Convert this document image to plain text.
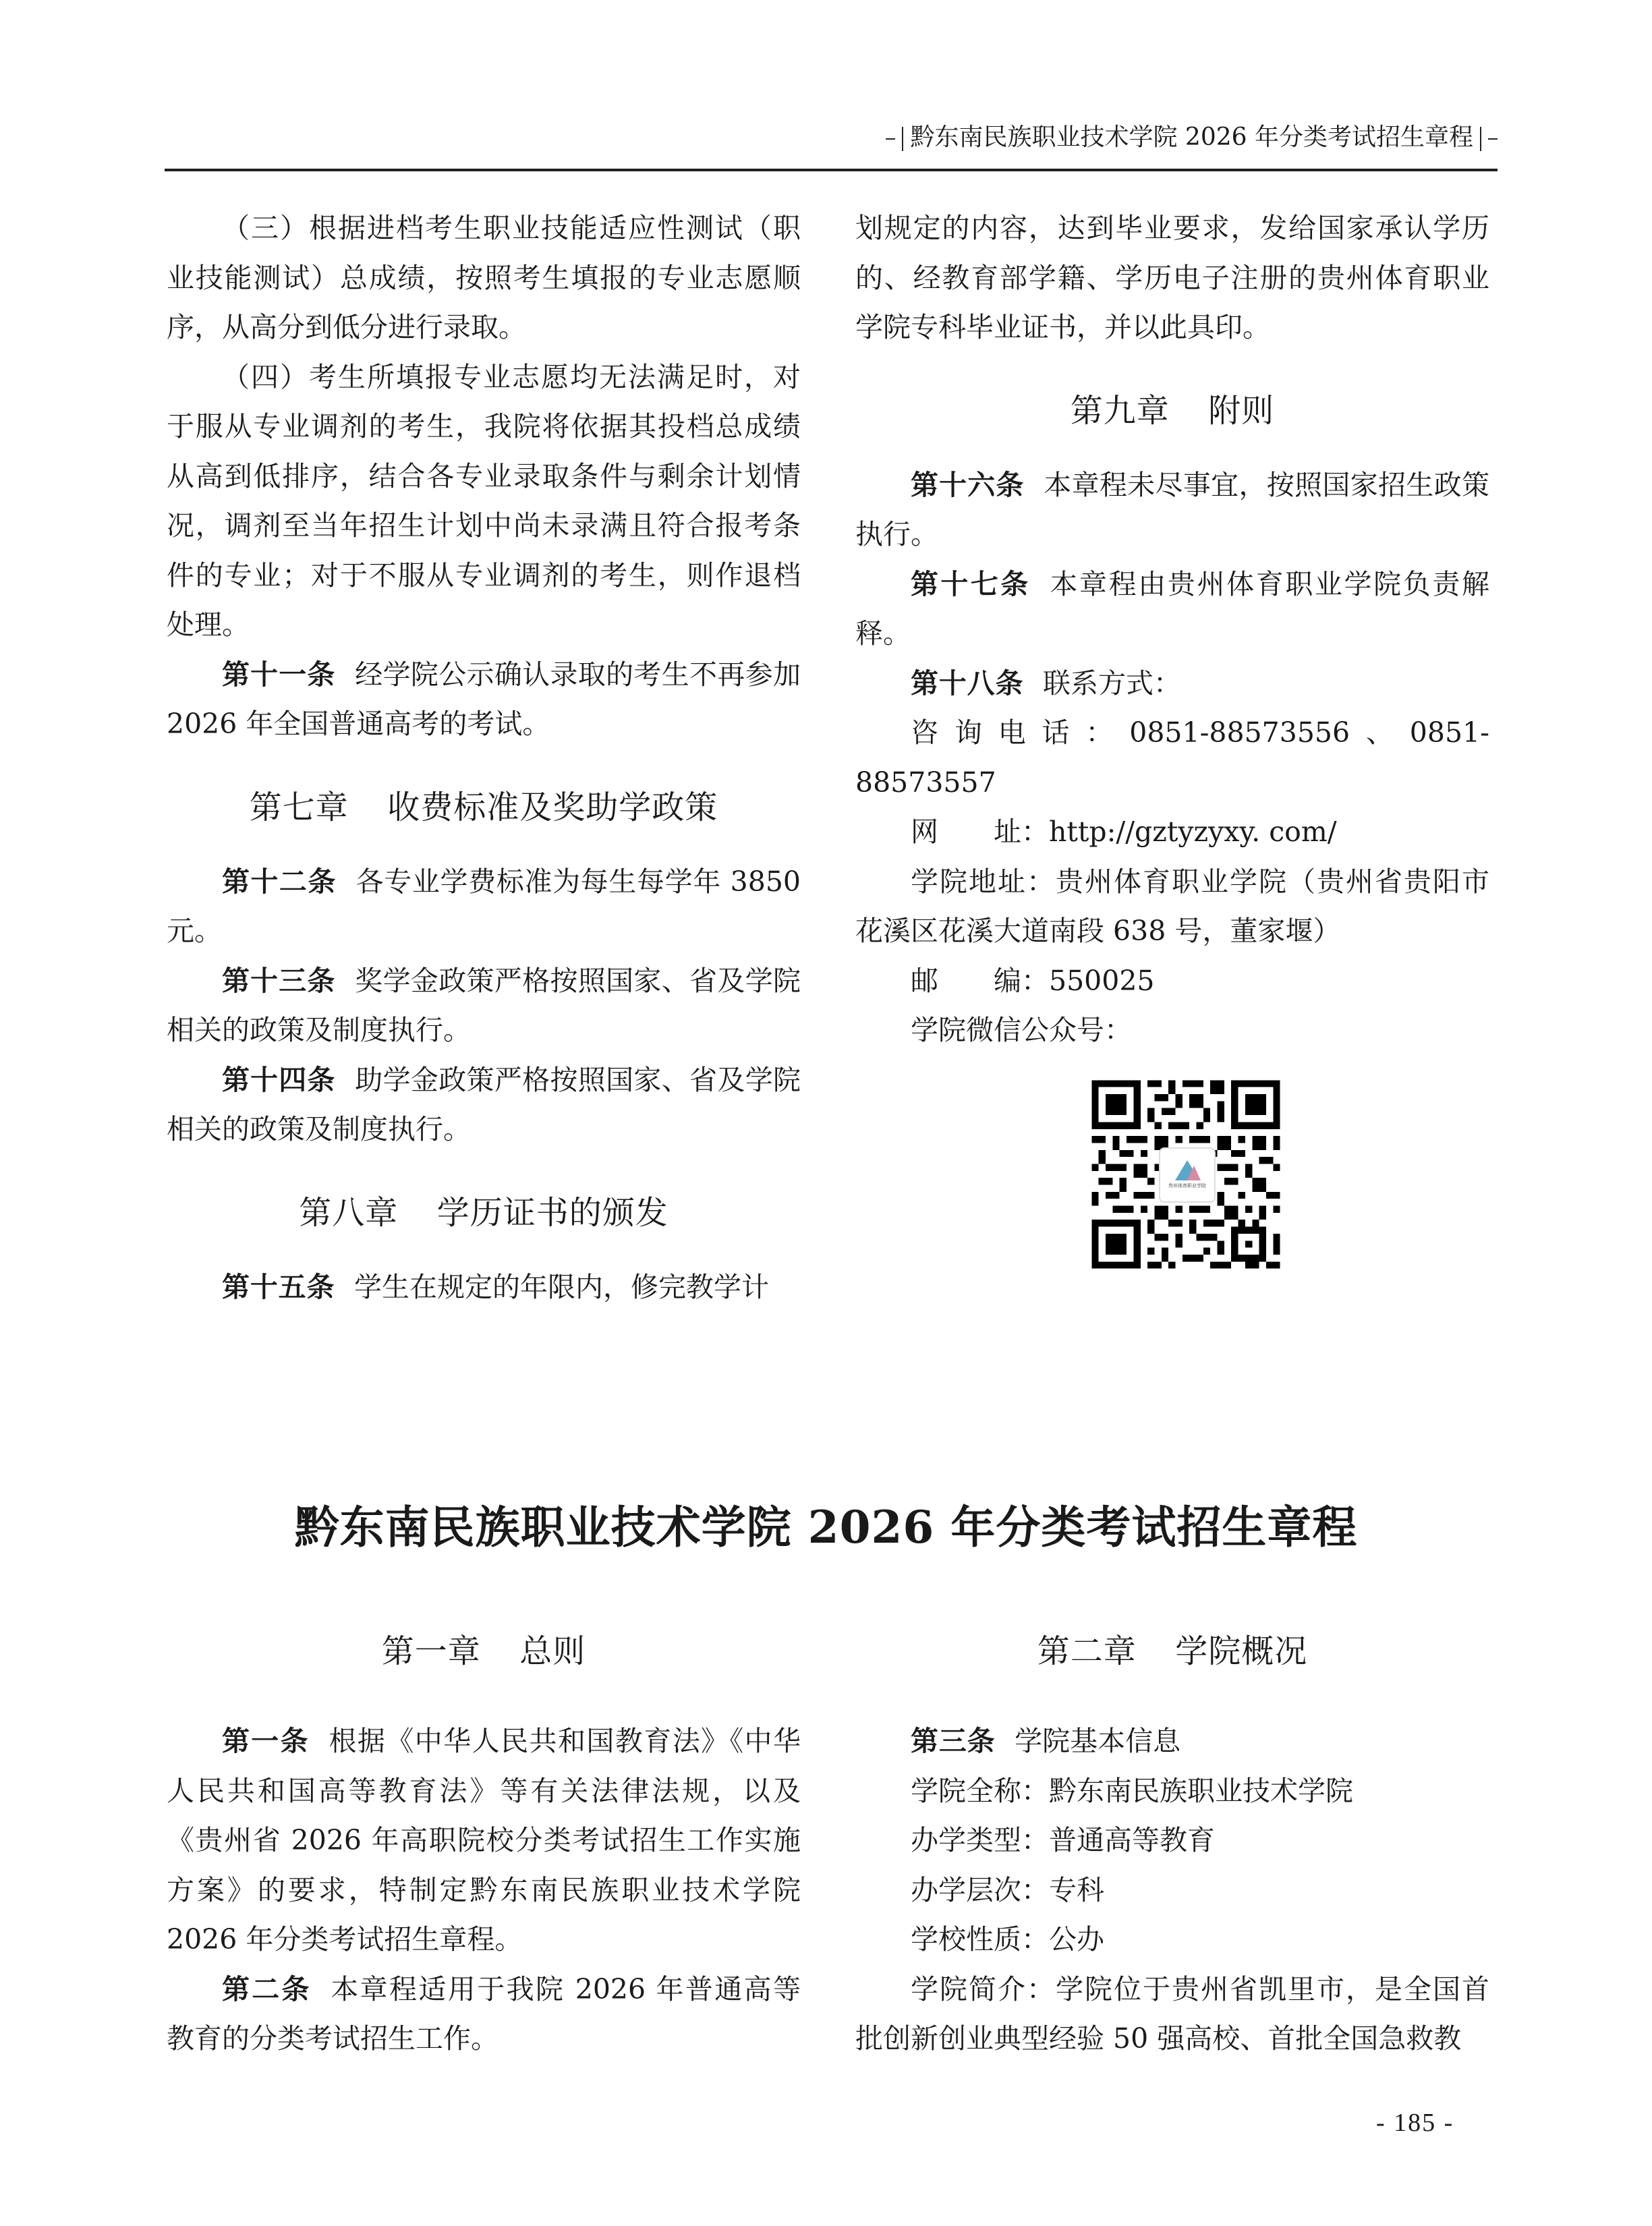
黔东南民族职业技术学院 2026 年分类考试招生章程

（三）根据进档考生职业技能适应性测试（职业技能测试）总成绩，按照考生填报的专业志愿顺序，从高分到低分进行录取。

（四）考生所填报专业志愿均无法满足时，对于服从专业调剂的考生，我院将依据其投档总成绩从高到低排序，结合各专业录取条件与剩余计划情况，调剂至当年招生计划中尚未录满且符合报考条件的专业；对于不服从专业调剂的考生，则作退档处理。

第十一条 经学院公示确认录取的考生不再参加 2026 年全国普通高考的考试。

第七章 收费标准及奖助学政策

第十二条 各专业学费标准为每生每学年 3850 元。

第十三条 奖学金政策严格按照国家、省及学院相关的政策及制度执行。

第十四条 助学金政策严格按照国家、省及学院相关的政策及制度执行。

第八章 学历证书的颁发

第十五条 学生在规定的年限内，修完教学计

划规定的内容，达到毕业要求，发给国家承认学历的、经教育部学籍、学历电子注册的贵州体育职业学院专科毕业证书，并以此具印。

第九章 附则

第十六条 本章程未尽事宜，按照国家招生政策执行。

第十七条 本章程由贵州体育职业学院负责解释。

第十八条 联系方式：

咨询电话：0851-88573556、0851-88573557

网　　址：http://gztyzyxy. com/

学院地址：贵州体育职业学院（贵州省贵阳市花溪区花溪大道南段 638 号，董家堰）

邮　　编：550025

学院微信公众号：

贵州体育职业学院
黔东南民族职业技术学院 2026 年分类考试招生章程
第一章 总则	第二章 学院概况

第一条 根据《中华人民共和国教育法》《中华人民共和国高等教育法》等有关法律法规，以及《贵州省 2026 年高职院校分类考试招生工作实施方案》的要求，特制定黔东南民族职业技术学院 2026 年分类考试招生章程。

第二条 本章程适用于我院 2026 年普通高等教育的分类考试招生工作。

第三条 学院基本信息

学院全称：黔东南民族职业技术学院

办学类型：普通高等教育

办学层次：专科

学校性质：公办

学院简介：学院位于贵州省凯里市，是全国首批创新创业典型经验 50 强高校、首批全国急救教

- 185 -
